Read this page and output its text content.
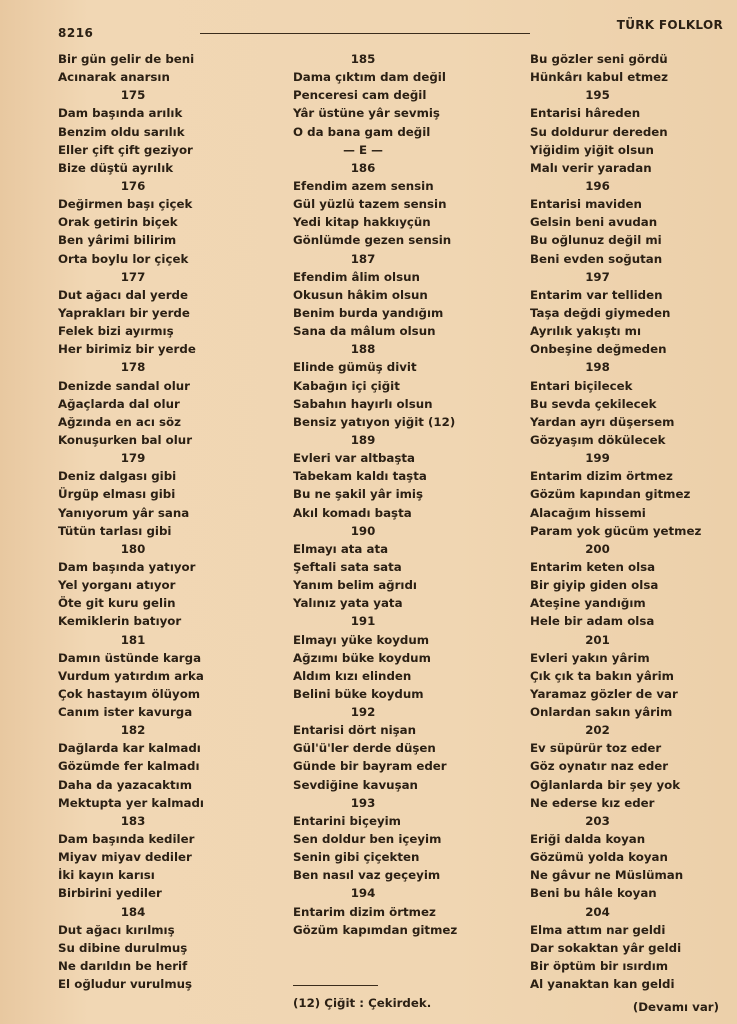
8216
TÜRK FOLKLOR
Bir gün gelir de beni
Acınarak anarsın
175
Dam başında arılık
Benzim oldu sarılık
Eller çift çift geziyor
Bize düştü ayrılık
176
Değirmen başı çiçek
Orak getirin biçek
Ben yârimi bilirim
Orta boylu lor çiçek
177
Dut ağacı dal yerde
Yaprakları bir yerde
Felek bizi ayırmış
Her birimiz bir yerde
178
Denizde sandal olur
Ağaçlarda dal olur
Ağzında en acı söz
Konuşurken bal olur
179
Deniz dalgası gibi
Ürgüp elması gibi
Yanıyorum yâr sana
Tütün tarlası gibi
180
Dam başında yatıyor
Yel yorganı atıyor
Öte git kuru gelin
Kemiklerin batıyor
181
Damın üstünde karga
Vurdum yatırdım arka
Çok hastayım ölüyom
Canım ister kavurga
182
Dağlarda kar kalmadı
Gözümde fer kalmadı
Daha da yazacaktım
Mektupta yer kalmadı
183
Dam başında kediler
Miyav miyav dediler
İki kayın karısı
Birbirini yediler
184
Dut ağacı kırılmış
Su dibine durulmuş
Ne darıldın be herif
El oğludur vurulmuş
185
Dama çıktım dam değil
Penceresi cam değil
Yâr üstüne yâr sevmiş
O da bana gam değil
— E —
186
Efendim azem sensin
Gül yüzlü tazem sensin
Yedi kitap hakkıyçün
Gönlümde gezen sensin
187
Efendim âlim olsun
Okusun hâkim olsun
Benim burda yandığım
Sana da mâlum olsun
188
Elinde gümüş divit
Kabağın içi çiğit
Sabahın hayırlı olsun
Bensiz yatıyon yiğit (12)
189
Evleri var altbaşta
Tabekam kaldı taşta
Bu ne şakil yâr imiş
Akıl komadı başta
190
Elmayı ata ata
Şeftali sata sata
Yanım belim ağrıdı
Yalınız yata yata
191
Elmayı yüke koydum
Ağzımı büke koydum
Aldım kızı elinden
Belini büke koydum
192
Entarisi dört nişan
Gül'ü'ler derde düşen
Günde bir bayram eder
Sevdiğine kavuşan
193
Entarini biçeyim
Sen doldur ben içeyim
Senin gibi çiçekten
Ben nasıl vaz geçeyim
194
Entarim dizim örtmez
Gözüm kapımdan gitmez
Bu gözler seni gördü
Hünkârı kabul etmez
195
Entarisi hâreden
Su doldurur dereden
Yiğidim yiğit olsun
Malı verir yaradan
196
Entarisi maviden
Gelsin beni avudan
Bu oğlunuz değil mi
Beni evden soğutan
197
Entarim var telliden
Taşa değdi giymeden
Ayrılık yakıştı mı
Onbeşine değmeden
198
Entari biçilecek
Bu sevda çekilecek
Yardan ayrı düşersem
Gözyaşım dökülecek
199
Entarim dizim örtmez
Gözüm kapından gitmez
Alacağım hissemi
Param yok gücüm yetmez
200
Entarim keten olsa
Bir giyip giden olsa
Ateşine yandığım
Hele bir adam olsa
201
Evleri yakın yârim
Çık çık ta bakın yârim
Yaramaz gözler de var
Onlardan sakın yârim
202
Ev süpürür toz eder
Göz oynatır naz eder
Oğlanlarda bir şey yok
Ne ederse kız eder
203
Eriği dalda koyan
Gözümü yolda koyan
Ne gâvur ne Müslüman
Beni bu hâle koyan
204
Elma attım nar geldi
Dar sokaktan yâr geldi
Bir öptüm bir ısırdım
Al yanaktan kan geldi
(12) Çiğit : Çekirdek.	(Devamı var)
